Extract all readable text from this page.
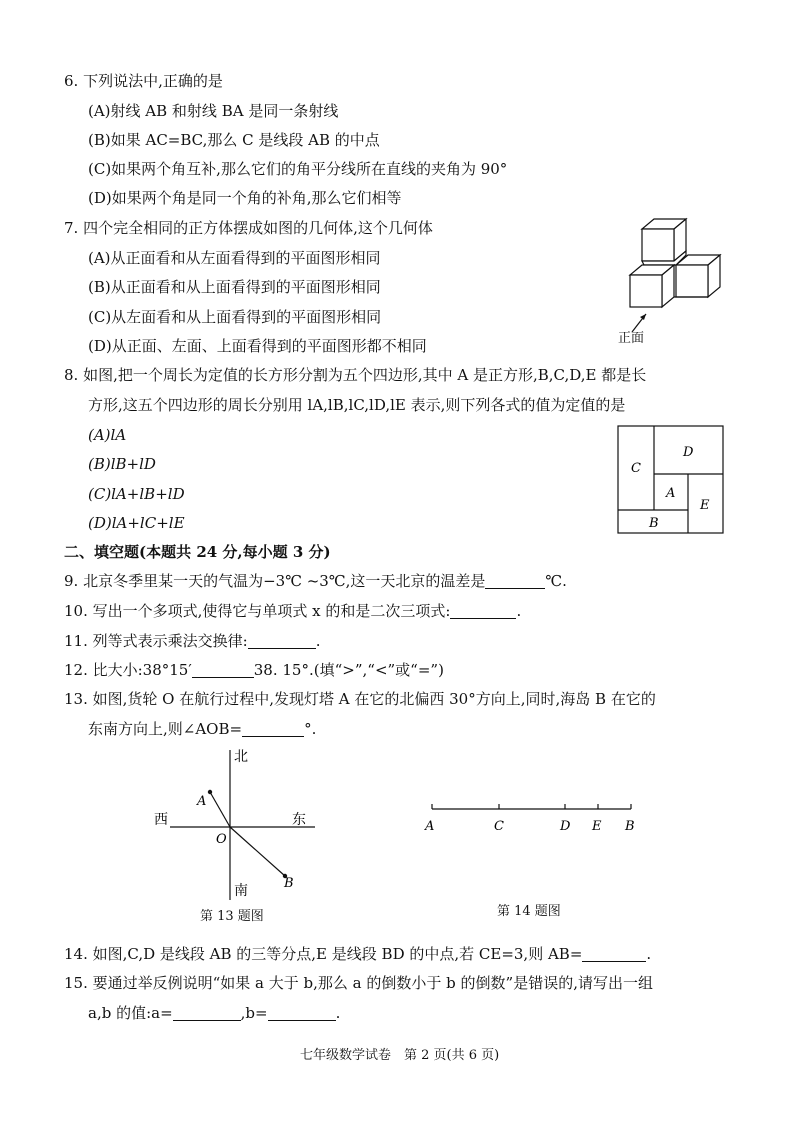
6. 下列说法中,正确的是
(A)射线 AB 和射线 BA 是同一条射线
(B)如果 AC=BC,那么 C 是线段 AB 的中点
(C)如果两个角互补,那么它们的角平分线所在直线的夹角为 90°
(D)如果两个角是同一个角的补角,那么它们相等
7. 四个完全相同的正方体摆成如图的几何体,这个几何体
(A)从正面看和从左面看得到的平面图形相同
(B)从正面看和从上面看得到的平面图形相同
(C)从左面看和从上面看得到的平面图形相同
(D)从正面、左面、上面看得到的平面图形都不相同	正面
8. 如图,把一个周长为定值的长方形分割为五个四边形,其中 A 是正方形,B,C,D,E 都是长
方形,这五个四边形的周长分别用 lA,lB,lC,lD,lE 表示,则下列各式的值为定值的是
(A)lA
(B)lB+lD
(C)lA+lB+lD
(D)lA+lC+lE
C
D
A
E
B
二、填空题(本题共 24 分,每小题 3 分)
9. 北京冬季里某一天的气温为−3℃ ~3℃,这一天北京的温差是	℃.
10. 写出一个多项式,使得它与单项式 x 的和是二次三项式:	.
11. 列等式表示乘法交换律:	.
12. 比大小:38°15′	38. 15°.(填“>”,“<”或“=”)
13. 如图,货轮 O 在航行过程中,发现灯塔 A 在它的北偏西 30°方向上,同时,海岛 B 在它的
东南方向上,则∠AOB=	°.
北
南
西	东
O
A
B
第 13 题图
A	C	D E B
第 14 题图
14. 如图,C,D 是线段 AB 的三等分点,E 是线段 BD 的中点,若 CE=3,则 AB=	.
15. 要通过举反例说明“如果 a 大于 b,那么 a 的倒数小于 b 的倒数”是错误的,请写出一组
a,b 的值:a=	,b=	.
七年级数学试卷　第 2 页(共 6 页)
